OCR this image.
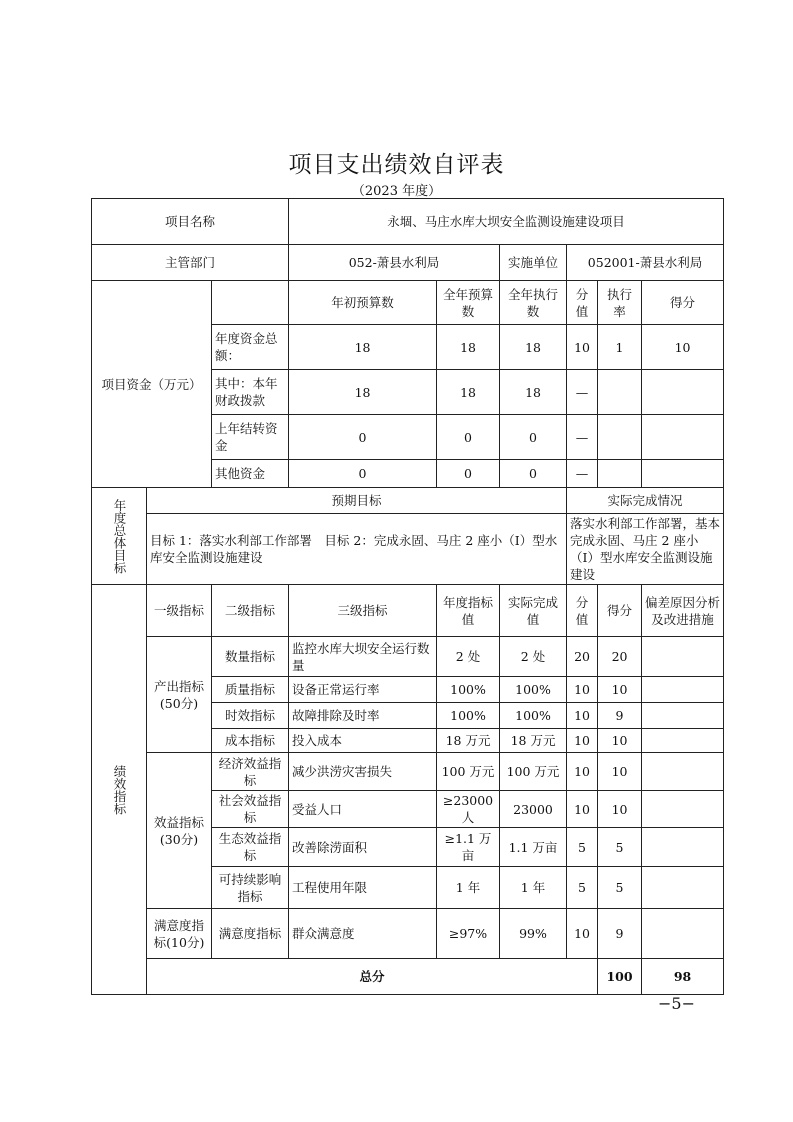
项目支出绩效自评表
（2023 年度）
项目名称			永堌、马庄水库大坝安全监测设施建设项目						
主管部门			052-萧县水利局		实施单位	052001-萧县水利局			
项目资金（万元）			年初预算数	全年预算数	全年执行数	分值	执行率	得分	
		年度资金总额：	18	18	18	10	1	10	
		其中：本年财政拨款	18	18	18	—			
		上年结转资金	0	0	0	—			
		其他资金	0	0	0	—			

年度总体目标	预期目标					实际完成情况			
	目标 1：落实水利部工作部署　目标 2：完成永固、马庄 2 座小（Ⅰ）型水库安全监测设施建设					落实水利部工作部署，基本完成永固、马庄 2 座小（Ⅰ）型水库安全监测设施建设			

绩效指标	一级指标	二级指标	三级指标	年度指标值	实际完成值	分值	得分	偏差原因分析及改进措施	
	产出指标(50分)	数量指标	监控水库大坝安全运行数量	2 处	2 处	20	20		
		质量指标	设备正常运行率	100%	100%	10	10		
		时效指标	故障排除及时率	100%	100%	10	9		
		成本指标	投入成本	18 万元	18 万元	10	10		
	效益指标(30分)	经济效益指标	减少洪涝灾害损失	100 万元	100 万元	10	10		
		社会效益指标	受益人口	≥23000人	23000	10	10		
		生态效益指标	改善除涝面积	≥1.1 万亩	1.1 万亩	5	5		
		可持续影响指标	工程使用年限	1 年	1 年	5	5		
	满意度指标(10分)	满意度指标	群众满意度	≥97%	99%	10	9		
	总分						100	98	
−5−
